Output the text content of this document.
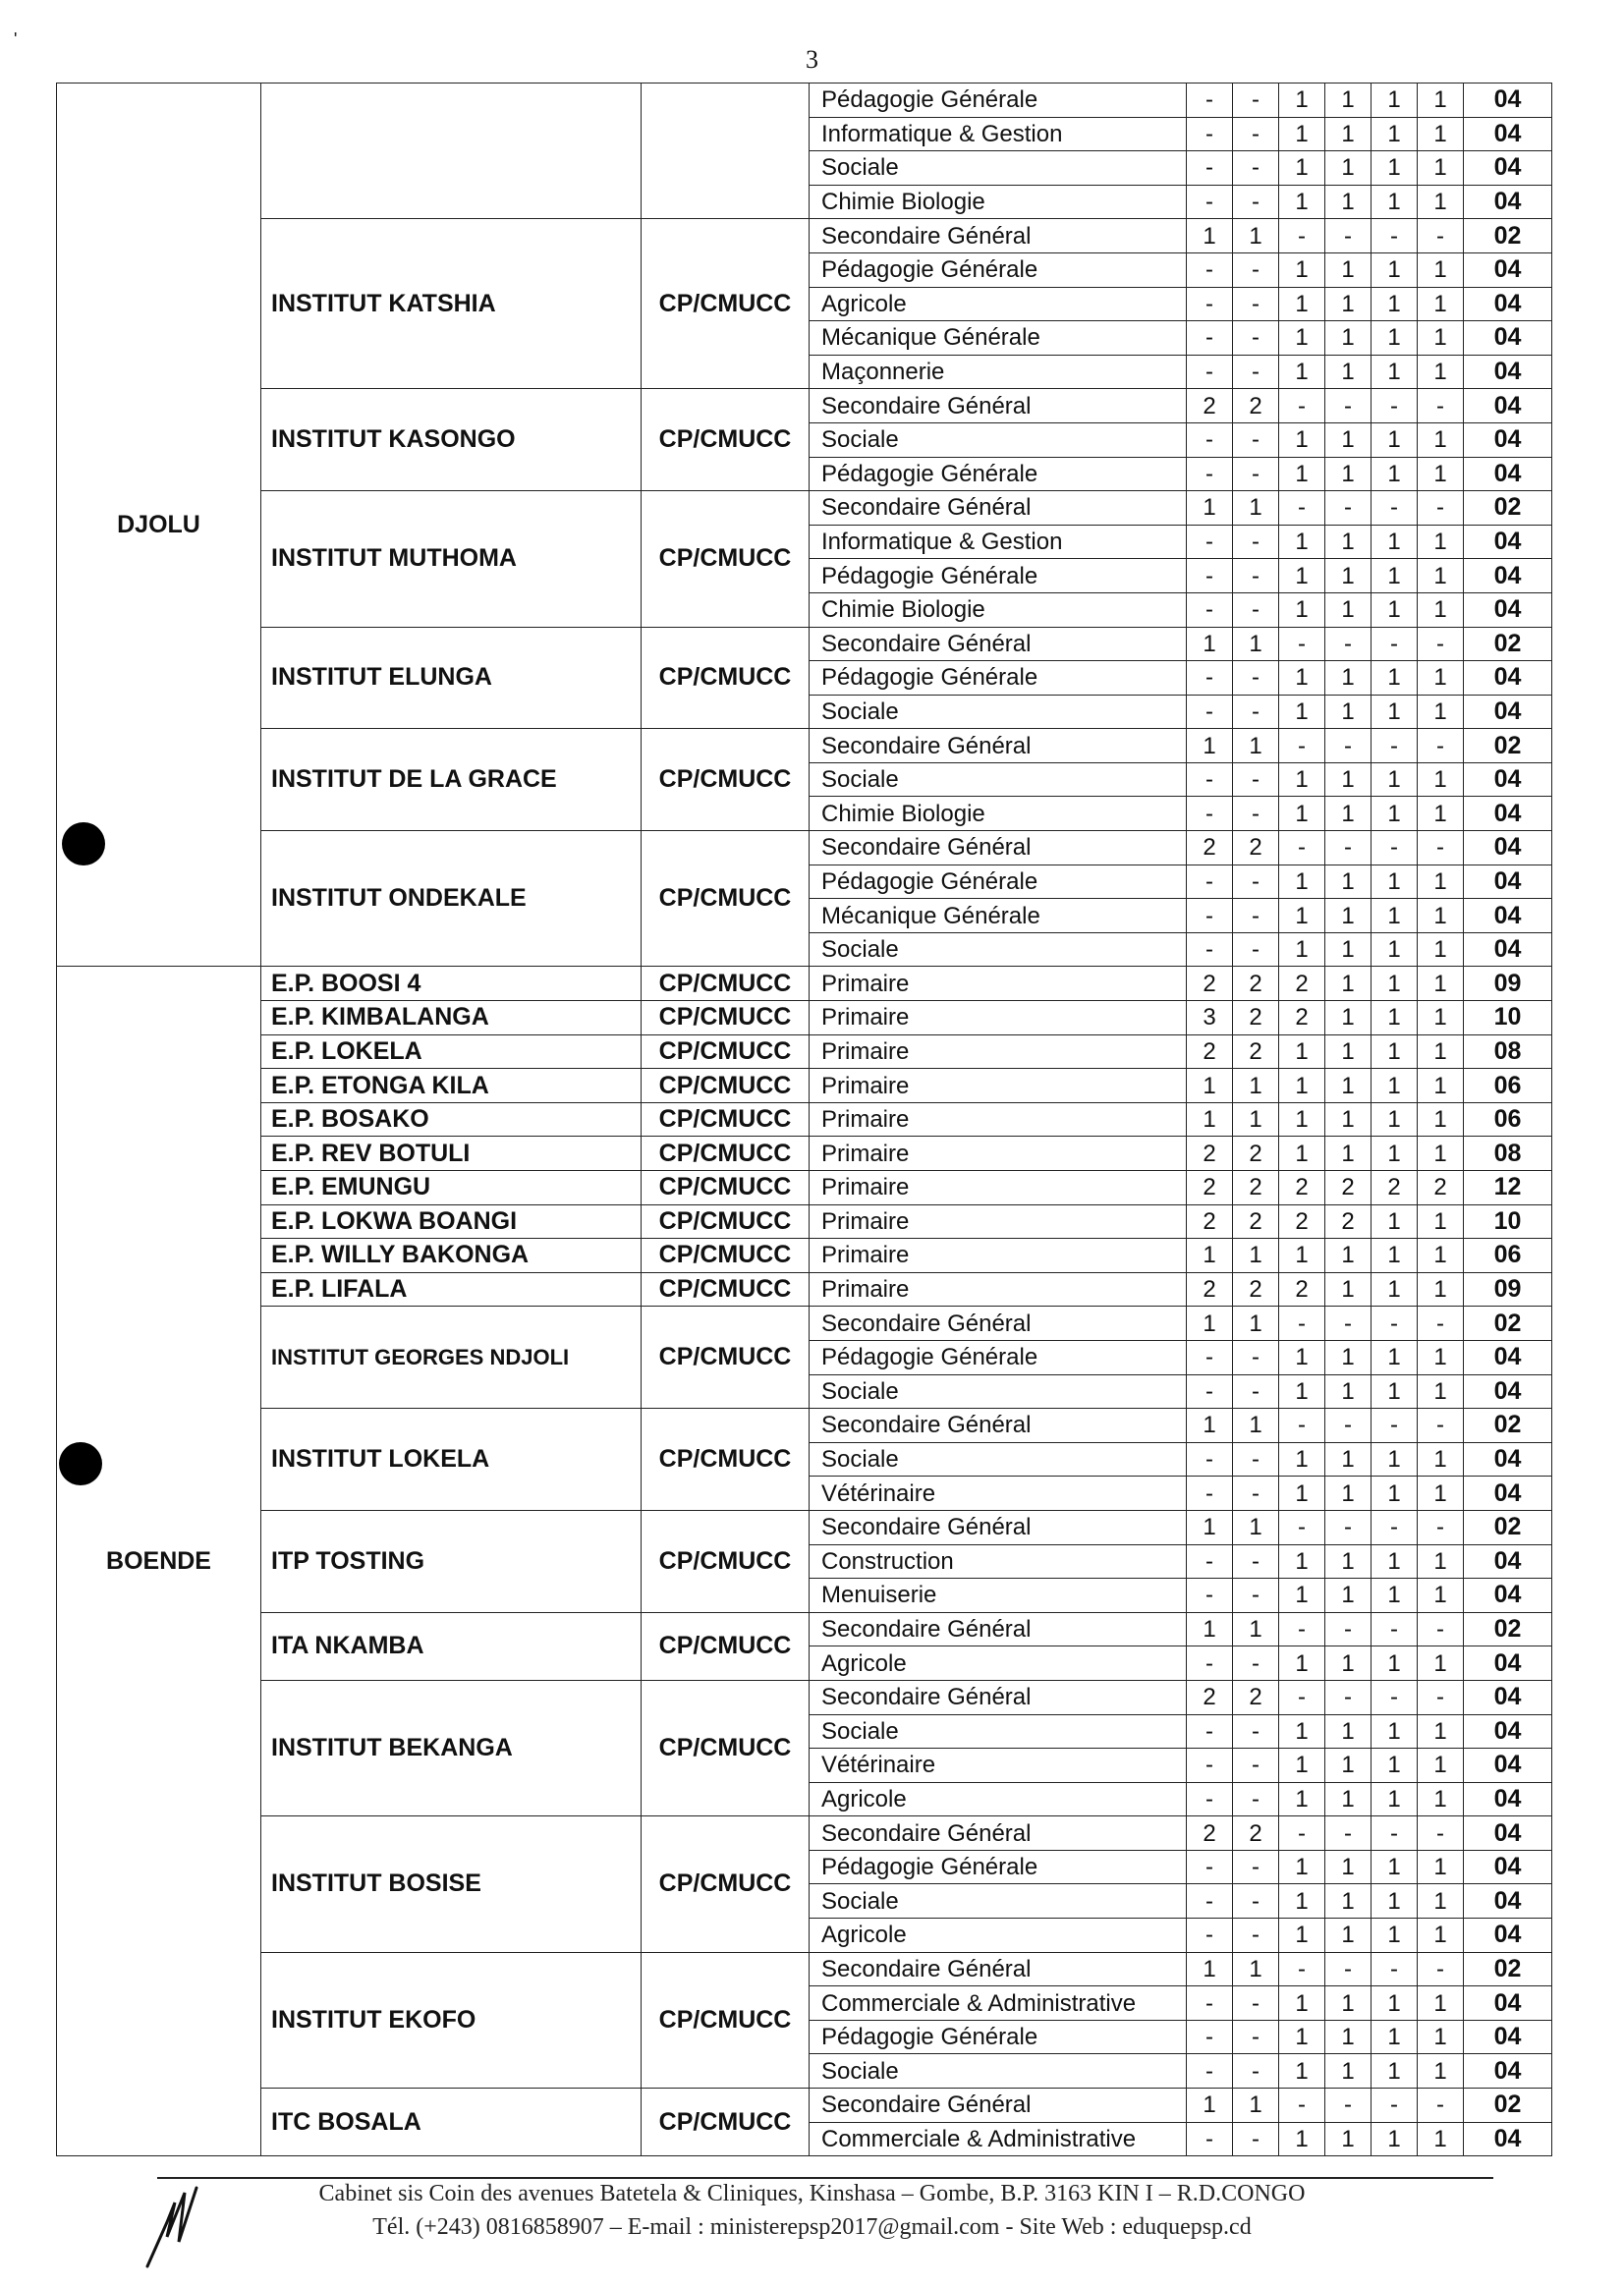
3
'
DJOLU			Pédagogie Générale	-	-	1	1	1	1	04
			Informatique & Gestion	-	-	1	1	1	1	04
			Sociale	-	-	1	1	1	1	04
			Chimie Biologie	-	-	1	1	1	1	04
	INSTITUT KATSHIA	CP/CMUCC	Secondaire Général	1	1	-	-	-	-	02
			Pédagogie Générale	-	-	1	1	1	1	04
			Agricole	-	-	1	1	1	1	04
			Mécanique Générale	-	-	1	1	1	1	04
			Maçonnerie	-	-	1	1	1	1	04
	INSTITUT KASONGO	CP/CMUCC	Secondaire Général	2	2	-	-	-	-	04
			Sociale	-	-	1	1	1	1	04
			Pédagogie Générale	-	-	1	1	1	1	04
	INSTITUT MUTHOMA	CP/CMUCC	Secondaire Général	1	1	-	-	-	-	02
			Informatique & Gestion	-	-	1	1	1	1	04
			Pédagogie Générale	-	-	1	1	1	1	04
			Chimie Biologie	-	-	1	1	1	1	04
	INSTITUT ELUNGA	CP/CMUCC	Secondaire Général	1	1	-	-	-	-	02
			Pédagogie Générale	-	-	1	1	1	1	04
			Sociale	-	-	1	1	1	1	04
	INSTITUT DE LA GRACE	CP/CMUCC	Secondaire Général	1	1	-	-	-	-	02
			Sociale	-	-	1	1	1	1	04
			Chimie Biologie	-	-	1	1	1	1	04
	INSTITUT ONDEKALE	CP/CMUCC	Secondaire Général	2	2	-	-	-	-	04
			Pédagogie Générale	-	-	1	1	1	1	04
			Mécanique Générale	-	-	1	1	1	1	04
			Sociale	-	-	1	1	1	1	04
BOENDE	E.P. BOOSI 4	CP/CMUCC	Primaire	2	2	2	1	1	1	09
	E.P. KIMBALANGA	CP/CMUCC	Primaire	3	2	2	1	1	1	10
	E.P. LOKELA	CP/CMUCC	Primaire	2	2	1	1	1	1	08
	E.P. ETONGA KILA	CP/CMUCC	Primaire	1	1	1	1	1	1	06
	E.P. BOSAKO	CP/CMUCC	Primaire	1	1	1	1	1	1	06
	E.P. REV BOTULI	CP/CMUCC	Primaire	2	2	1	1	1	1	08
	E.P. EMUNGU	CP/CMUCC	Primaire	2	2	2	2	2	2	12
	E.P. LOKWA BOANGI	CP/CMUCC	Primaire	2	2	2	2	1	1	10
	E.P. WILLY BAKONGA	CP/CMUCC	Primaire	1	1	1	1	1	1	06
	E.P. LIFALA	CP/CMUCC	Primaire	2	2	2	1	1	1	09
	INSTITUT GEORGES NDJOLI	CP/CMUCC	Secondaire Général	1	1	-	-	-	-	02
			Pédagogie Générale	-	-	1	1	1	1	04
			Sociale	-	-	1	1	1	1	04
	INSTITUT LOKELA	CP/CMUCC	Secondaire Général	1	1	-	-	-	-	02
			Sociale	-	-	1	1	1	1	04
			Vétérinaire	-	-	1	1	1	1	04
	ITP TOSTING	CP/CMUCC	Secondaire Général	1	1	-	-	-	-	02
			Construction	-	-	1	1	1	1	04
			Menuiserie	-	-	1	1	1	1	04
	ITA NKAMBA	CP/CMUCC	Secondaire Général	1	1	-	-	-	-	02
			Agricole	-	-	1	1	1	1	04
	INSTITUT BEKANGA	CP/CMUCC	Secondaire Général	2	2	-	-	-	-	04
			Sociale	-	-	1	1	1	1	04
			Vétérinaire	-	-	1	1	1	1	04
			Agricole	-	-	1	1	1	1	04
	INSTITUT BOSISE	CP/CMUCC	Secondaire Général	2	2	-	-	-	-	04
			Pédagogie Générale	-	-	1	1	1	1	04
			Sociale	-	-	1	1	1	1	04
			Agricole	-	-	1	1	1	1	04
	INSTITUT EKOFO	CP/CMUCC	Secondaire Général	1	1	-	-	-	-	02
			Commerciale & Administrative	-	-	1	1	1	1	04
			Pédagogie Générale	-	-	1	1	1	1	04
			Sociale	-	-	1	1	1	1	04
	ITC BOSALA	CP/CMUCC	Secondaire Général	1	1	-	-	-	-	02
			Commerciale & Administrative	-	-	1	1	1	1	04
Cabinet sis Coin des avenues Batetela & Cliniques, Kinshasa – Gombe, B.P. 3163 KIN I – R.D.CONGO
Tél. (+243) 0816858907 – E-mail : ministerepsp2017@gmail.com - Site Web : eduquepsp.cd
